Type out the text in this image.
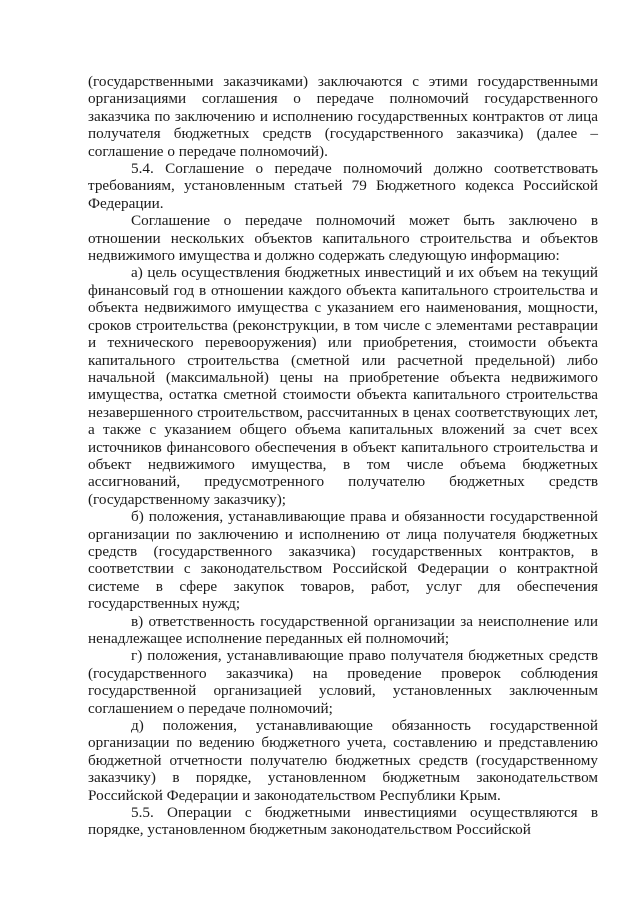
(государственными заказчиками) заключаются с этими государственными организациями соглашения о передаче полномочий государственного заказчика по заключению и исполнению государственных контрактов от лица получателя бюджетных средств (государственного заказчика) (далее – соглашение о передаче полномочий).

5.4. Соглашение о передаче полномочий должно соответствовать требованиям, установленным статьей 79 Бюджетного кодекса Российской Федерации.

Соглашение о передаче полномочий может быть заключено в отношении нескольких объектов капитального строительства и объектов недвижимого имущества и должно содержать следующую информацию:

а) цель осуществления бюджетных инвестиций и их объем на текущий финансовый год в отношении каждого объекта капитального строительства и объекта недвижимого имущества с указанием его наименования, мощности, сроков строительства (реконструкции, в том числе с элементами реставрации и технического перевооружения) или приобретения, стоимости объекта капитального строительства (сметной или расчетной предельной) либо начальной (максимальной) цены на приобретение объекта недвижимого имущества, остатка сметной стоимости объекта капитального строительства незавершенного строительством, рассчитанных в ценах соответствующих лет, а также с указанием общего объема капитальных вложений за счет всех источников финансового обеспечения в объект капитального строительства и объект недвижимого имущества, в том числе объема бюджетных ассигнований, предусмотренного получателю бюджетных средств (государственному заказчику);

б) положения, устанавливающие права и обязанности государственной организации по заключению и исполнению от лица получателя бюджетных средств (государственного заказчика) государственных контрактов, в соответствии с законодательством Российской Федерации о контрактной системе в сфере закупок товаров, работ, услуг для обеспечения государственных нужд;

в) ответственность государственной организации за неисполнение или ненадлежащее исполнение переданных ей полномочий;

г) положения, устанавливающие право получателя бюджетных средств (государственного заказчика) на проведение проверок соблюдения государственной организацией условий, установленных заключенным соглашением о передаче полномочий;

д) положения, устанавливающие обязанность государственной организации по ведению бюджетного учета, составлению и представлению бюджетной отчетности получателю бюджетных средств (государственному заказчику) в порядке, установленном бюджетным законодательством Российской Федерации и законодательством Республики Крым.

5.5. Операции с бюджетными инвестициями осуществляются в порядке, установленном бюджетным законодательством Российской
